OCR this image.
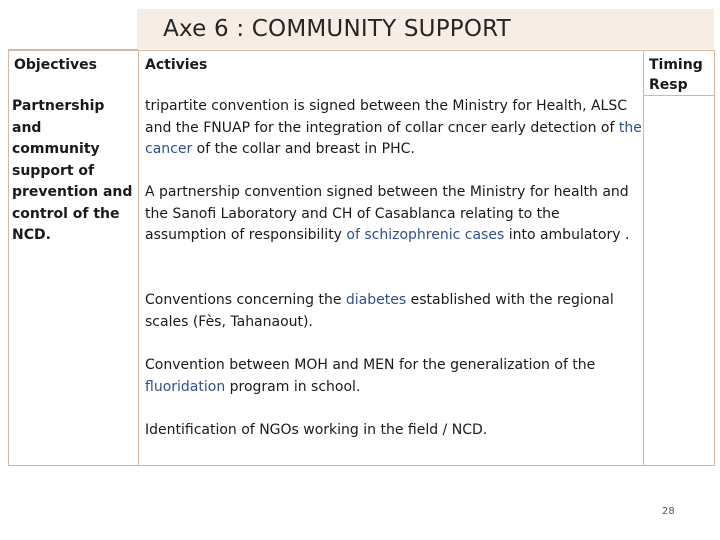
Axe 6 : COMMUNITY SUPPORT
Objectives	Activies	Timing
Resp
Partnership and
community
support of
prevention and
control of the
NCD.
tripartite convention is signed between the Ministry for Health, ALSC and the FNUAP for the integration of collar cncer early detection of the cancer of the collar and breast in PHC.
A partnership convention signed between the Ministry for health and the Sanofi Laboratory and CH of Casablanca relating to the assumption of responsibility of schizophrenic cases into ambulatory .
Conventions concerning the diabetes established with the regional scales (Fès, Tahanaout).
Convention between MOH and MEN for the generalization of the fluoridation program in school.
Identification of NGOs working in the field / NCD.
28
